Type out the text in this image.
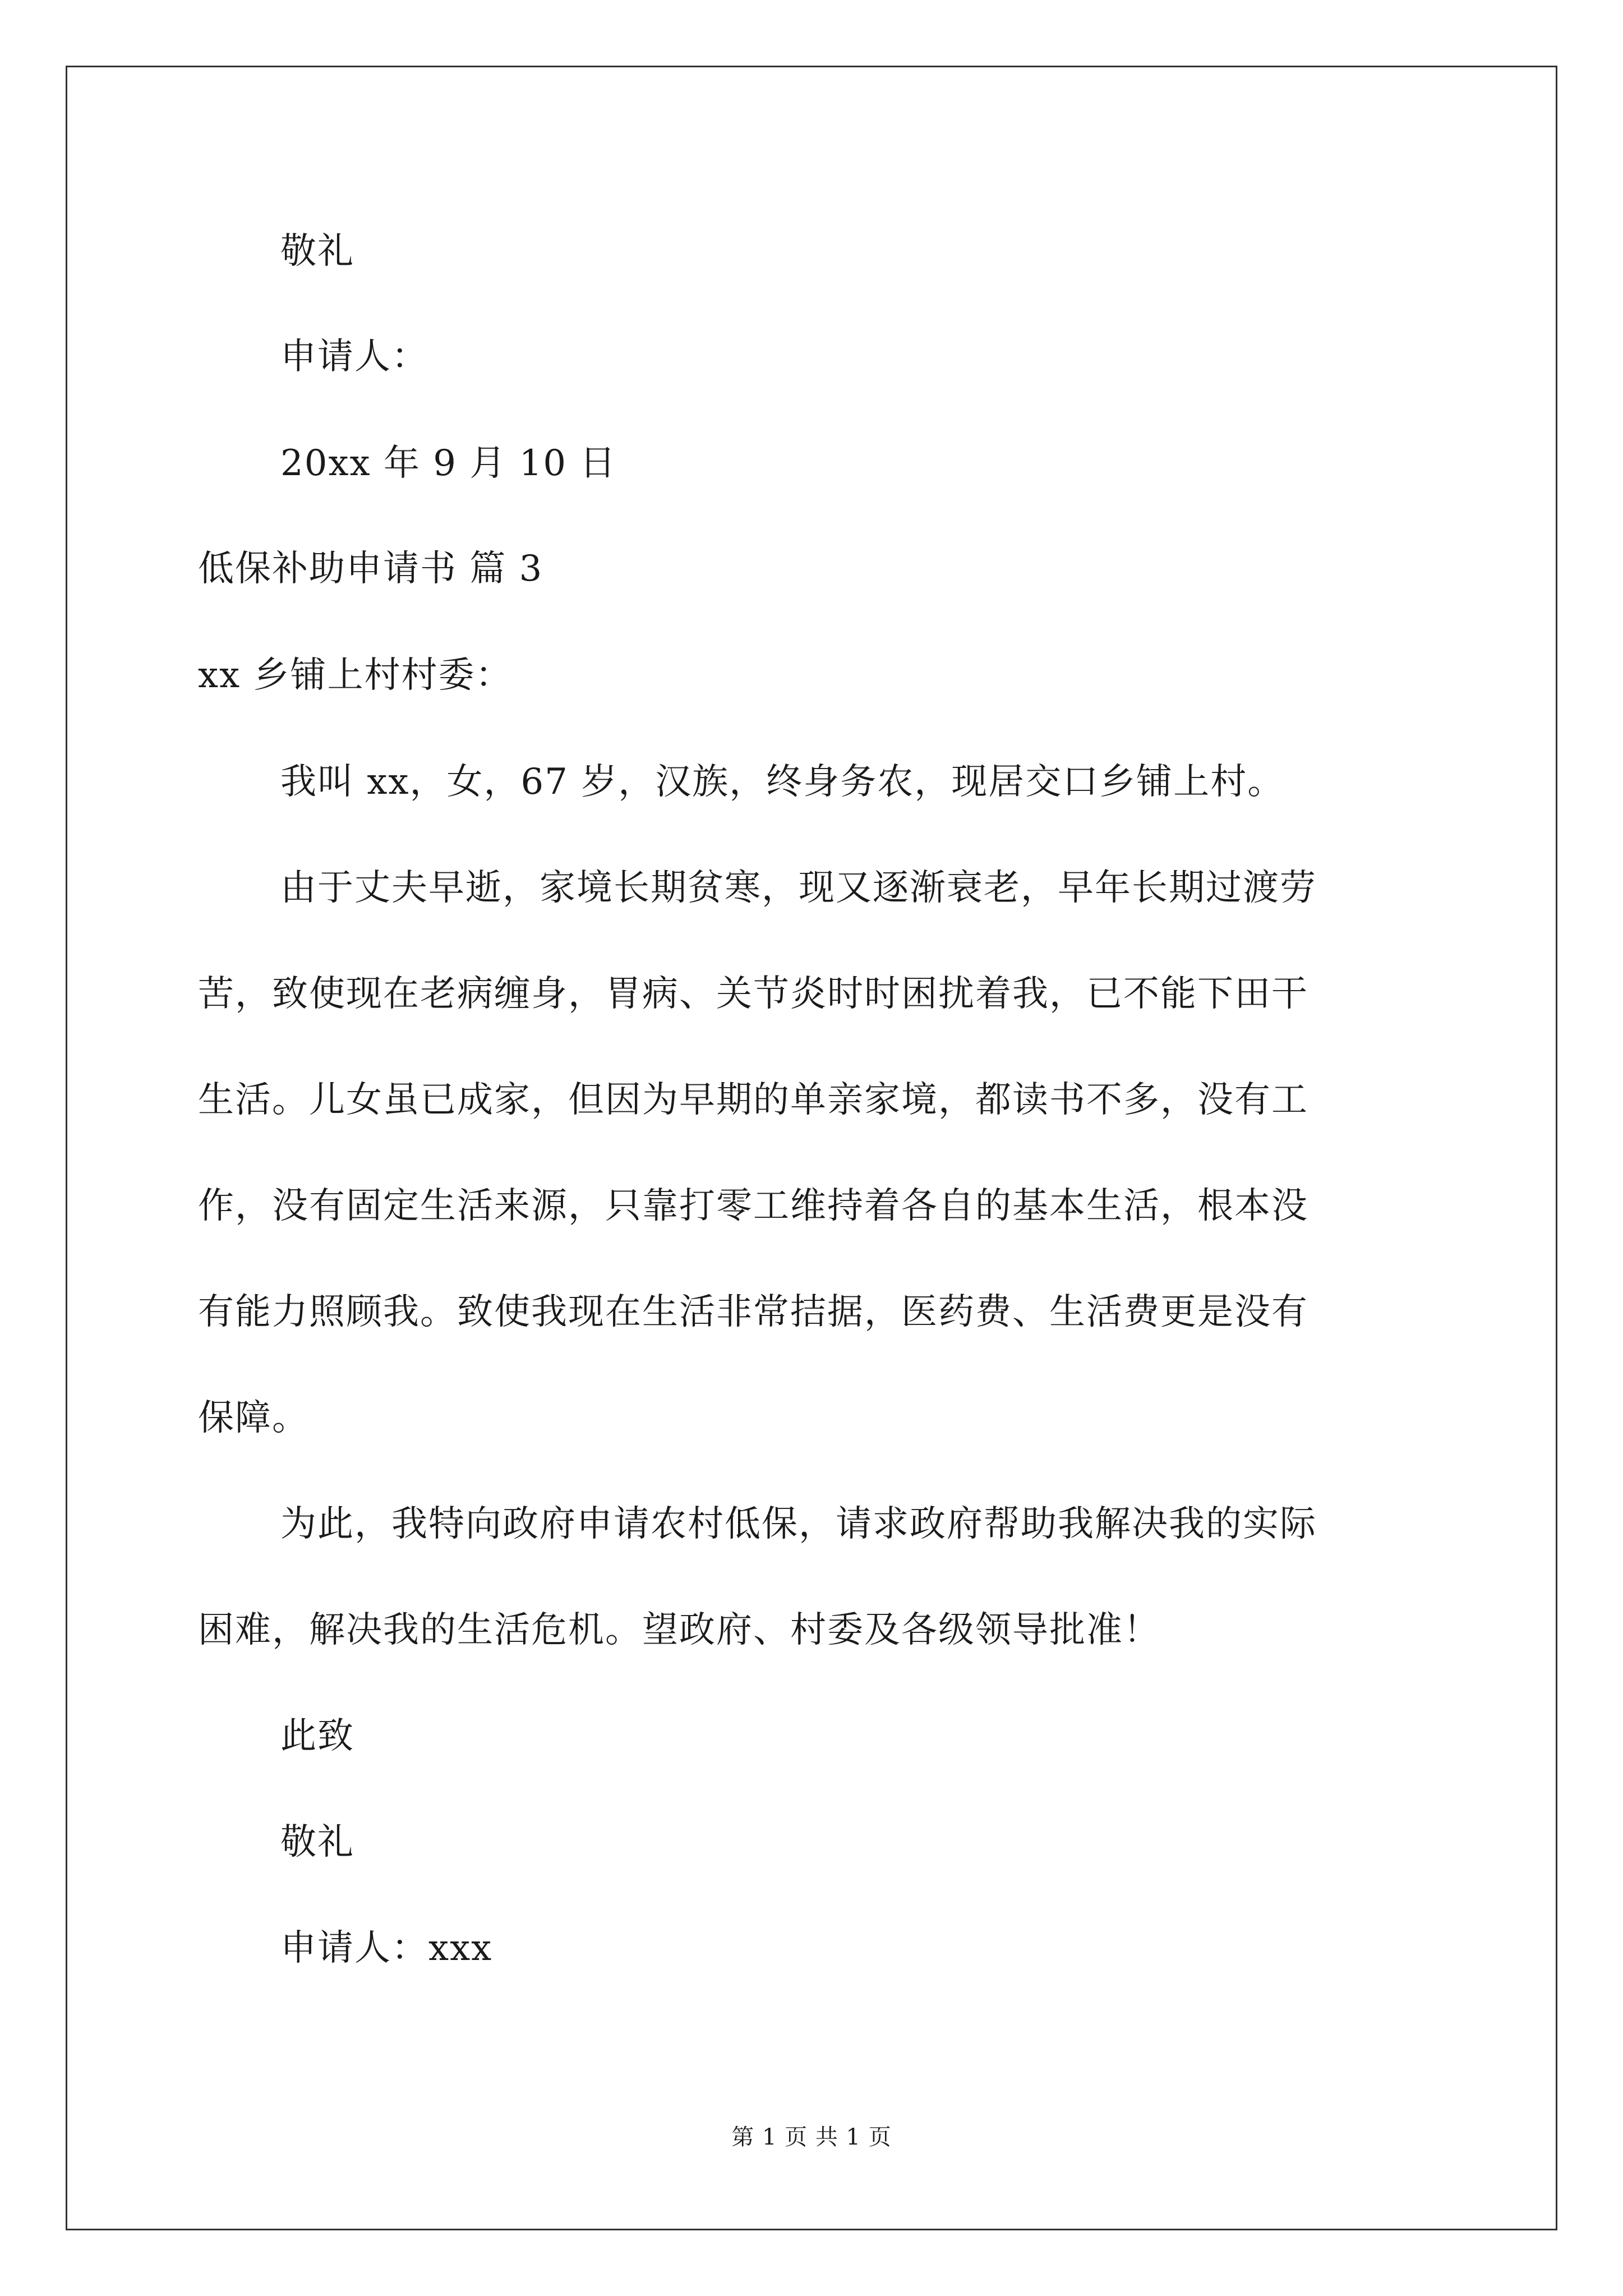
敬礼

申请人：

20xx 年 9 月 10 日

低保补助申请书 篇 3

xx 乡铺上村村委：

我叫 xx，女，67 岁，汉族，终身务农，现居交口乡铺上村。

由于丈夫早逝，家境长期贫寒，现又逐渐衰老，早年长期过渡劳

苦，致使现在老病缠身，胃病、关节炎时时困扰着我，已不能下田干

生活。儿女虽已成家，但因为早期的单亲家境，都读书不多，没有工

作，没有固定生活来源，只靠打零工维持着各自的基本生活，根本没

有能力照顾我。致使我现在生活非常拮据，医药费、生活费更是没有

保障。

为此，我特向政府申请农村低保，请求政府帮助我解决我的实际

困难，解决我的生活危机。望政府、村委及各级领导批准！

此致

敬礼

申请人：xxx

第 1 页 共 1 页
